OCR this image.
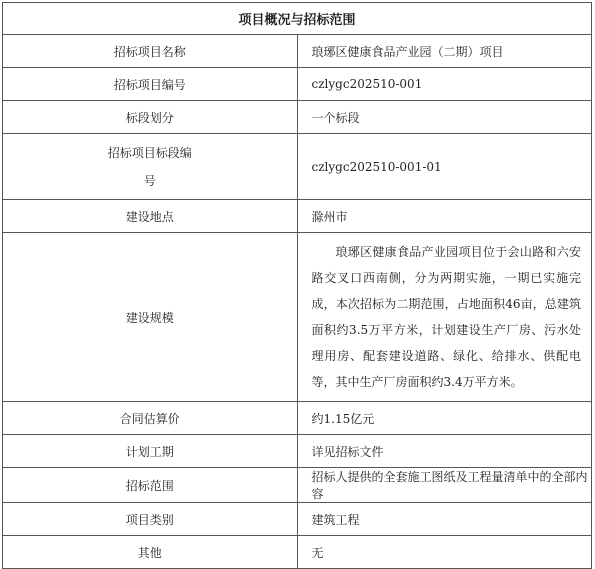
项目概况与招标范围	
招标项目名称	琅琊区健康食品产业园（二期）项目
招标项目编号	czlygc202510-001
标段划分	一个标段
招标项目标段编号	czlygc202510-001-01
建设地点	滁州市
建设规模	琅琊区健康食品产业园项目位于会山路和六安路交叉口西南侧，分为两期实施，一期已实施完成，本次招标为二期范围，占地面积46亩，总建筑面积约3.5万平方米，计划建设生产厂房、污水处理用房、配套建设道路、绿化、给排水、供配电等，其中生产厂房面积约3.4万平方米。
合同估算价	约1.15亿元
计划工期	详见招标文件
招标范围	招标人提供的全套施工图纸及工程量清单中的全部内容
项目类别	建筑工程
其他	无
